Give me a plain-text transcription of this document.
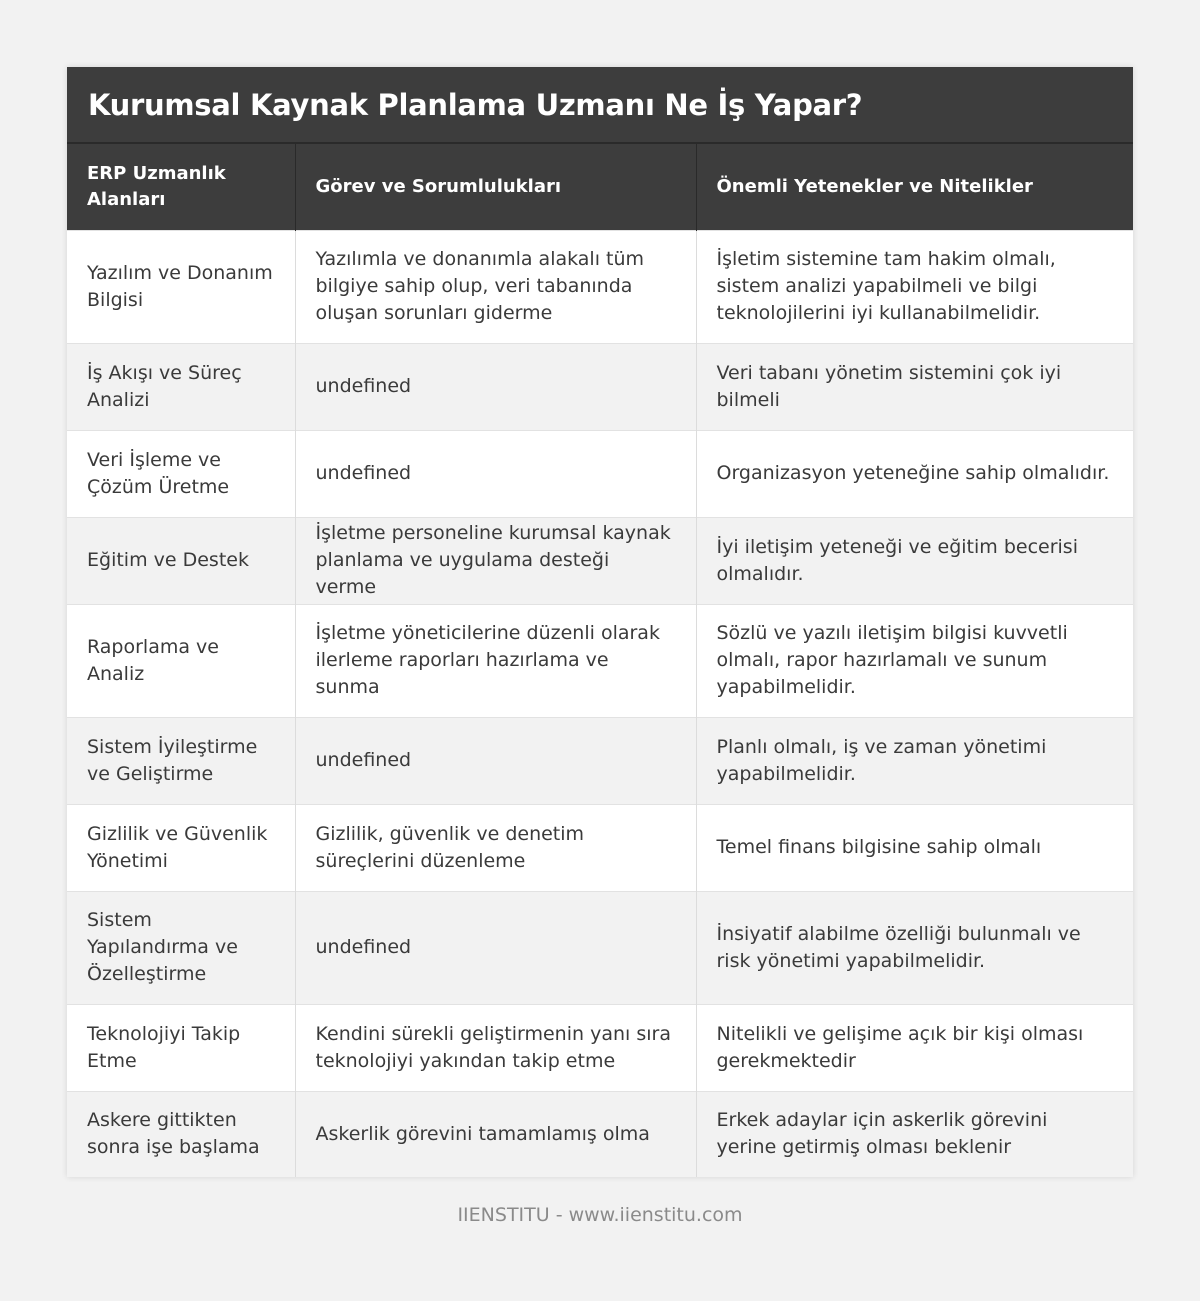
Kurumsal Kaynak Planlama Uzmanı Ne İş Yapar?
ERP Uzmanlık Alanları	Görev ve Sorumlulukları	Önemli Yetenekler ve Nitelikler
Yazılım ve Donanım Bilgisi	Yazılımla ve donanımla alakalı tüm bilgiye sahip olup, veri tabanında oluşan sorunları giderme	İşletim sistemine tam hakim olmalı, sistem analizi yapabilmeli ve bilgi teknolojilerini iyi kullanabilmelidir.
İş Akışı ve Süreç Analizi	undefined	Veri tabanı yönetim sistemini çok iyi bilmeli
Veri İşleme ve Çözüm Üretme	undefined	Organizasyon yeteneğine sahip olmalıdır.
Eğitim ve Destek	İşletme personeline kurumsal kaynak planlama ve uygulama desteği verme	İyi iletişim yeteneği ve eğitim becerisi olmalıdır.
Raporlama ve Analiz	İşletme yöneticilerine düzenli olarak ilerleme raporları hazırlama ve sunma	Sözlü ve yazılı iletişim bilgisi kuvvetli olmalı, rapor hazırlamalı ve sunum yapabilmelidir.
Sistem İyileştirme ve Geliştirme	undefined	Planlı olmalı, iş ve zaman yönetimi yapabilmelidir.
Gizlilik ve Güvenlik Yönetimi	Gizlilik, güvenlik ve denetim süreçlerini düzenleme	Temel finans bilgisine sahip olmalı
Sistem Yapılandırma ve Özelleştirme	undefined	İnsiyatif alabilme özelliği bulunmalı ve risk yönetimi yapabilmelidir.
Teknolojiyi Takip Etme	Kendini sürekli geliştirmenin yanı sıra teknolojiyi yakından takip etme	Nitelikli ve gelişime açık bir kişi olması gerekmektedir
Askere gittikten sonra işe başlama	Askerlik görevini tamamlamış olma	Erkek adaylar için askerlik görevini yerine getirmiş olması beklenir
IIENSTITU - www.iienstitu.com
